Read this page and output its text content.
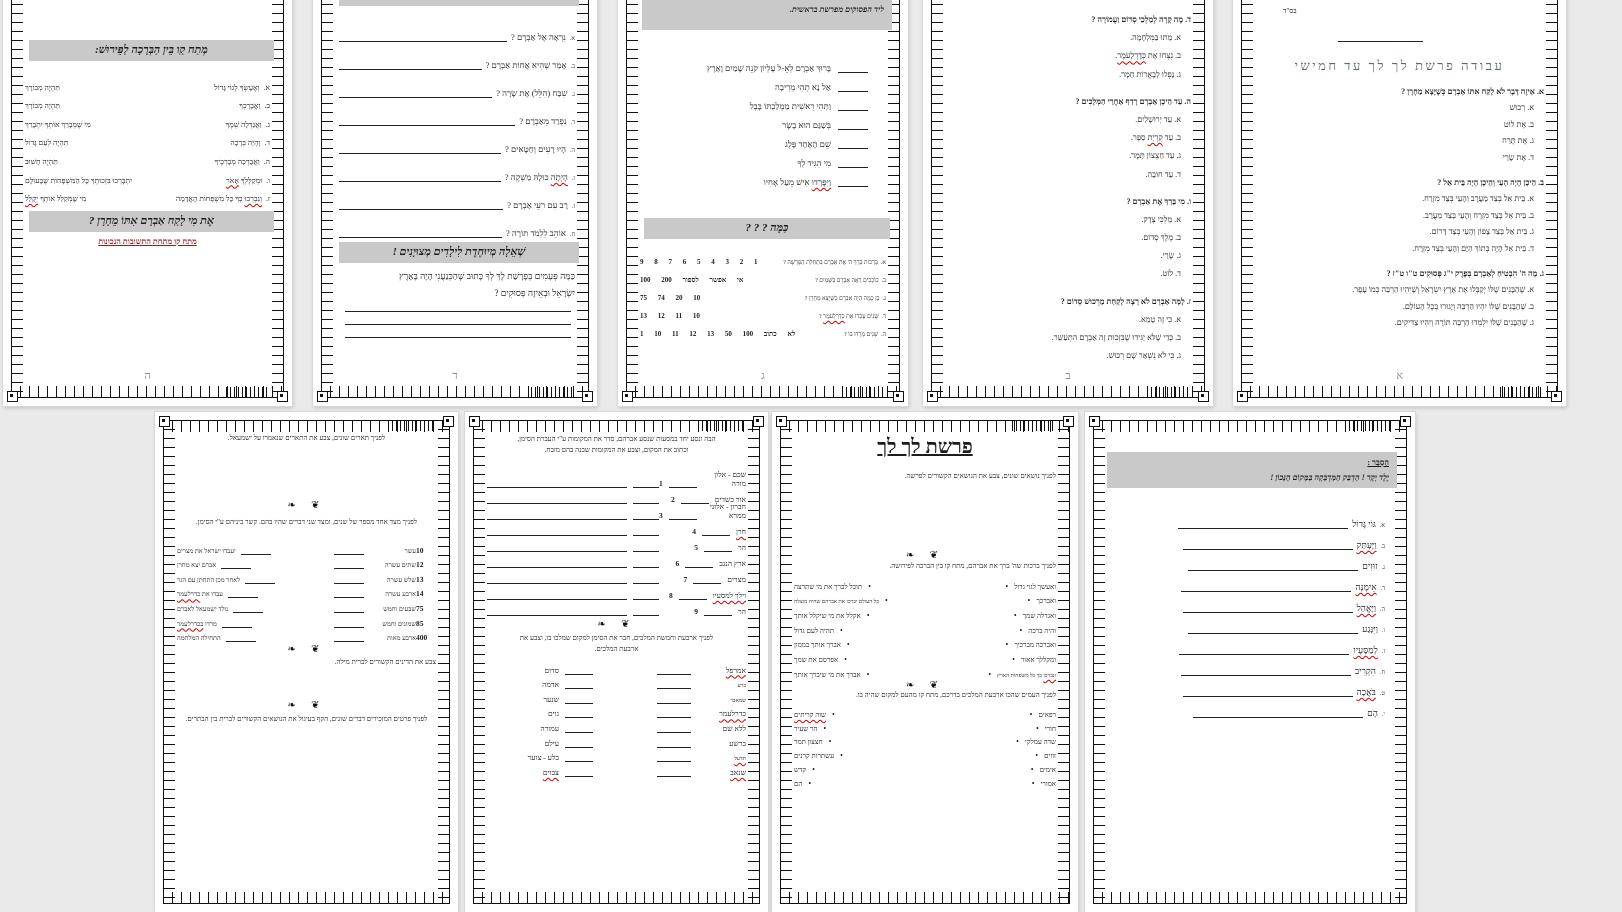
מְתַח קַו בֵּין הַבְּרָכָה לַפֵּירוּשׁ:
א.
וְאֶעֶשְׂךָ לְגוֹי גָּדוֹל
תִּהְיֶה מְבוֹרָךְ
ב.
וַאֲבָרֶכְךָ
תִּהְיֶה מְבוֹרָךְ
ג.
וַאֲגַדְּלָה שְׁמֶךָ
מִי שֶׁמְּבָרֵךְ אוֹתְךָ יִתְבָּרֵךְ
ד.
וֶהְיֵה בְּרָכָה
תִּהְיֶה לְעַם גָּדוֹל
ה.
וַאֲבָרְכָה מְבָרְכֶיךָ
תִּהְיֶה חָשׁוּב
ו.
וּמְקַלֶּלְךָ אָאֹר
יִתְבָּרְכוּ בִּזְכוּתְךָ כָּל הַמִּשְׁפָּחוֹת שֶׁבָּעוֹלָם
ז.
וְנִבְרְכוּ בְךָ כָּל מִשְׁפְּחוֹת הָאֲדָמָה
מִי שֶׁמְּקַלֵּל אוֹתְךָ יְקֻלַּל
אֶת מִי לָקַח אַבְרָם אִתּוֹ מֵחָרָן ?
מתח קו מתחת התשובות הנכונות
ה
א.
נִרְאָה אֶל אַבְרָם ?
ב.
אָמַר שֶׁהִיא אֲחוֹת אַבְרָם ?
ג.
שִׁבַּח (הִלֵּל) אֶת שָׂרָה ?
ד.
נִפְרַד מֵאַבְרָם ?
ה.
הָיוּ רָעִים וְחַטָּאִים ?
ו.
הָיְתָה כּוּלָהּ מַשְׁקֶה ?
ז.
רָב עִם רֹעֵי אַבְרָם ?
ח.
אוֹהֵב לִלְמֹד תּוֹרָה ?
שְׁאֵלָה מְיוּחֶדֶת לִילָדִים מְצוּיָנִים !
כַּמָּה פְּעָמִים בְּפָרָשַׁת לֶךְ לְךָ כָּתוּב שֶׁהַכְּנַעֲנִי הָיָה בָּאָרֶץ
יִשְׂרָאֵל וּבְאֵיזֶה פְּסוּקִים ?
ד

ליד הפסוקים מפרשת בראשית.
בָּרוּךְ אַבְרָם לְאֵ-ל עֶלְיוֹן קֹנֵה שָׁמַיִם וָאָרֶץ
אַל נָא תְהִי מְרִיבָה
וַתְּהִי רֵאשִׁית מַמְלַכְתּוֹ בָּבֶל
בְּשַׁגַּם הוּא בָשָׂר
שֵׁם הָאֶחָד פֶּלֶג
מִי הִגִּיד לְךָ
וַיִּפָּרְדוּ אִישׁ מֵעַל אָחִיו
כַּמָּה ? ? ?
א.
בְּרָכוֹת בֵּרַךְ ה' אֶת אַבְרָם בִּתְחִלַּת הַפָּרָשָׁה ?
9 8 7 6 5 4 3 2 1
ב.
כּוֹכָבִים רָאָה אַבְרָם בַּשָּׁמַיִם ?
אי אפשר לספור 200 100
ג.
בֶּן כַּמָּה הָיָה אַבְרָם כְּשֶׁיָּצָא מֵחָרָן ?
75 74 20 10
ד.
שָׁנִים עָבְדוּ אֶת כְּדָרְלָעֹמֶר ?
13 12 11 10
ה.
שָׁנִים מָרְדוּ בּוֹ ?
לא כתוב 100 50 13 12 11 10 1
ג
ד. מֶה קָרָה לְמַלְכֵי סְדוֹם וַעֲמוֹרָה ?
א. מֵתוּ בַּמִּלְחָמָה.
ב. נִצְּחוּ אֶת כְּדָרְלָעֹמֶר.
ג. נָפְלוּ לְבֶאֱרוֹת חֵמָר.
ה. עַד הֵיכָן אַבְרָם רָדַף אַחֲרֵי הַמְּלָכִים ?
א. עַד יְרוּשָׁלַיִם.
ב. עַד קִרְיַת סֵפֶר.
ג. עַד חַצְצוֹן תָּמָר.
ד. עַד חוֹבָה.
ו. מִי בֵּרַךְ אֶת אַבְרָם ?
א. מַלְכִּי צֶדֶק.
ב. מֶלֶךְ סְדוֹם.
ג. שָׂרַי.
ד. לוֹט.
ז. לָמָּה אַבְרָם לֹא רָצָה לָקַחַת מֵרְכוּשׁ סְדוֹם ?
א. כִּי זֶה טָמֵא.
ב. כְּדֵי שֶׁלֹּא יַגִּידוּ שֶׁבִּזְכוּת זֶה אַבְרָם הִתְעַשֵּׁר.
ג. כִּי לֹא נִשְׁאַר שָׁם רְכוּשׁ.
ב
בס"ד
עבודה פרשת לך לך עד חמישי
א. אֵיזֶה דָּבָר לֹא לָקַח אִתּוֹ אַבְרָם כְּשֶׁיָּצָא מֵחָרָן ?
א. רְכוּשׁ
ב. אֶת לוֹט
ג. אֶת תֶּרַח
ד. אֶת שָׂרַי
ב. הֵיכָן הָיָה הָעַי וְהֵיכָן הָיָה בֵּית אֵל ?
א. בֵּית אֵל בְּצַד מַעֲרָב וְהָעַי בְּצַד מִזְרָח.
ב. בֵּית אֵל בְּצַד מִזְרָח וְהָעַי בְּצַד מַעֲרָב.
ג. בֵּית אֵל בְּצַד צָפוֹן וְהָעַי בְּצַד דָּרוֹם.
ד. בֵּית אֵל הָיָה בְּתוֹךְ הַיָּם וְהָעַי בְּצַד מִזְרָח.
ג. מָה ה' הִבְטִיחַ לְאַבְרָם בְּפֶרֶק י"ג פְּסוּקִים ט"ו ט"ז ?
א. שֶׁהַבָּנִים שֶׁלּוֹ יְקַבְּלוּ אֶת אֶרֶץ יִשְׂרָאֵל וְשֶׁיִּהְיוּ הַרְבֵּה כְּמוֹ עָפָר.
ב. שֶׁהַבָּנִים שֶׁלּוֹ יִהְיוּ הַרְבֵּה וְיָגוּרוּ בְּכָל הָעוֹלָם.
ג. שֶׁהַבָּנִים שֶׁלּוֹ יִלְמְדוּ הַרְבֵּה תּוֹרָה וְיִהְיוּ צַדִּיקִים.
א
לפניך תארים שונים, צבע את התארים שנאמרו על ישמעאל.
❦ ❧
לפניך מצד אחד מספר של שנים, ומצד שני דברים שהיו בהם. קשר ביניהם ע"י הסימן.
10
עשר
יעבדו ישראל את מצרים
12
שתים עשרה
אברם יצא מחרן
13
שלש עשרה
לאחר מכן התחתן עם הגר
14
ארבע עשרה
עבדו את כדרלעמר
75
שבעים וחמש
נולד ישמעאל לאברם
85
שמונים וחמש
מרדו בכדרלעמר
400
ארבע מאות
התחילה המלחמה
❦ ❧
צבע את הדינים הקשורים לברית מילה.
❦ ❧
לפניך פרטים המזכירים דברים שונים, הקף בעיגול את הנושאים הקשורים לברית בין הבתרים.
הבה ונסע יחד במסעות שנסע אברהם, סדר את המקומות ע"י העברת הסימן,
וכתוב את המקום, וצבע את המקומות שבנה בהם מזבח.
שכם - אלון מורה
1
אור כשדים
2
חברון - אלוני ממרא
3
חרן
4
הר
5
ארץ הנגב
6
מצרים
7
וילך למסעיו
8
הר
9
❦ ❧
לפניך ארבעת וחמשת המלכים, חבר את הסימן למקום שמלכו בו, וצבע את
ארבעת המלכים.
אמרפל
סדום
ברע
אדמה
שמאבר
שנער
כדרלעמר
גוים
ללא שם
עמורה
ברשע
עילם
תדעל
בלע - צוער
שנאב
צבוים
פרשת לך לך
לפניך נושאים שונים, צבע את הנושאים הקשורים לפרשה.
❦ ❧
לפניך ברכות שה' ברך את אברהם, מתח קו בין הברכה לפירושה.
ואעשך לגוי גדול
•
•
תוכל לברך את מי שתרצה
ואברכך
•
•
כל העולם יברכו את אברהם שהיה מוצלח
ואגדלה שמך
•
•
אקלל את מי שיקלל אותך
והיה ברכה
•
•
תהיה לעם גדול
ואברכה מברכיך
•
•
אברך אותך בממון
ומקללך אאור
•
•
אפרסם את שמך
ונברכו בך כל משפחות הארץ
•
•
אברך את מי שיברך אותך
❦ ❧
לפניך העמים שהכו ארבעת המלכים בדרכם, מתח קו מהעם למקום שהיה בו.
רפאים
•
•
שוה קריתים
חורי
•
•
הר שעיר
שדה עמלקי
•
•
חצצון תמר
זוזים
•
•
עשתרות קרנים
אימים
•
•
קדש
אמורי
•
•
הם
הַסְבֵּר :
יֶלֶד יָקָר ! הַדְבֵּק הַמַּדְבֵּקָה בַּמָּקוֹם הַנָּכוֹן !
א.
גּוֹי גָּדוֹל
ב.
וַיֶּעְתַּק
ג.
זוּזִים
ד.
אֵימֶנָּה
ה.
וַיֶּאֱהַל
ו.
וַיִּנָּגַע
ז.
לְמַסָּעָיו
ח.
הִקְרִיב
ט.
בֹּאֲכָה
י.
הָם
